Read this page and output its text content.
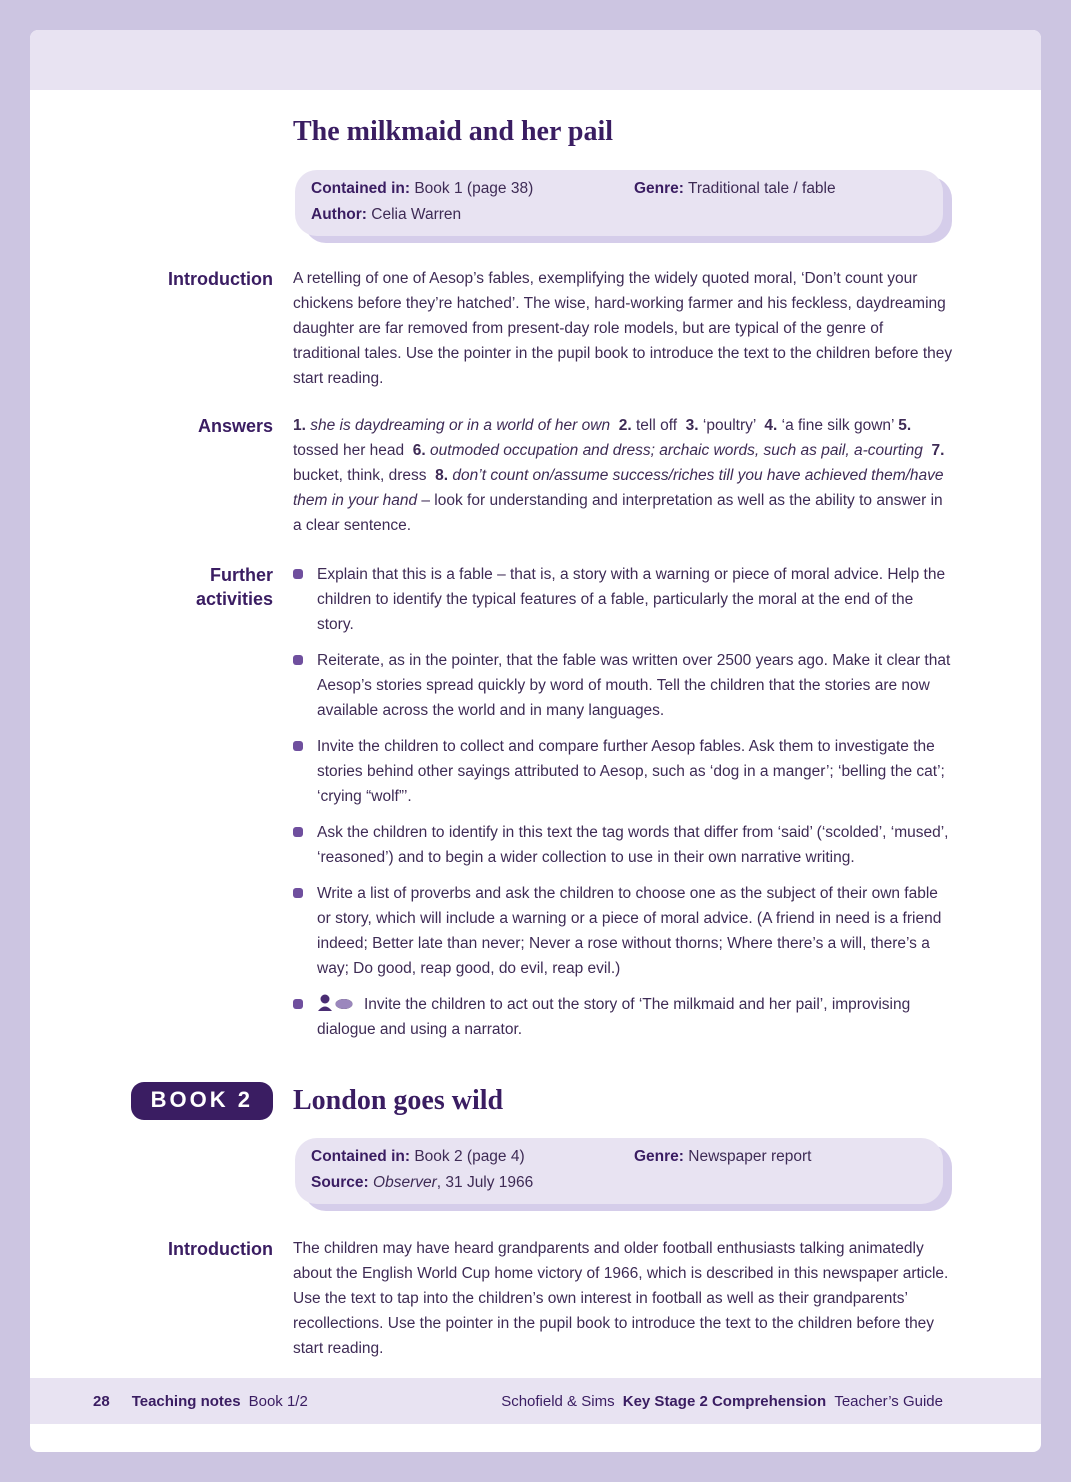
The milkmaid and her pail
Contained in: Book 1 (page 38)
Author: Celia Warren
Genre: Traditional tale / fable
Introduction A retelling of one of Aesop’s fables, exemplifying the widely quoted moral, ‘Don’t count your chickens before they’re hatched’. The wise, hard-working farmer and his feckless, daydreaming daughter are far removed from present-day role models, but are typical of the genre of traditional tales. Use the pointer in the pupil book to introduce the text to the children before they start reading.

Answers 1. she is daydreaming or in a world of her own 2. tell off 3. ‘poultry’ 4. ‘a fine silk gown’ 5. tossed her head 6. outmoded occupation and dress; archaic words, such as pail, a-courting 7. bucket, think, dress 8. don’t count on/assume success/riches till you have achieved them/have them in your hand – look for understanding and interpretation as well as the ability to answer in a clear sentence.

Further
activities
Explain that this is a fable – that is, a story with a warning or piece of moral advice. Help the children to identify the typical features of a fable, particularly the moral at the end of the story.
Reiterate, as in the pointer, that the fable was written over 2500 years ago. Make it clear that Aesop’s stories spread quickly by word of mouth. Tell the children that the stories are now available across the world and in many languages.
Invite the children to collect and compare further Aesop fables. Ask them to investigate the stories behind other sayings attributed to Aesop, such as ‘dog in a manger’; ‘belling the cat’; ‘crying “wolf”’.
Ask the children to identify in this text the tag words that differ from ‘said’ (‘scolded’, ‘mused’, ‘reasoned’) and to begin a wider collection to use in their own narrative writing.
Write a list of proverbs and ask the children to choose one as the subject of their own fable or story, which will include a warning or a piece of moral advice. (A friend in need is a friend indeed; Better late than never; Never a rose without thorns; Where there’s a will, there’s a way; Do good, reap good, do evil, reap evil.)
Invite the children to act out the story of ‘The milkmaid and her pail’, improvising dialogue and using a narrator.
BOOK 2	London goes wild
Contained in: Book 2 (page 4)
Source: Observer, 31 July 1966
Genre: Newspaper report
Introduction The children may have heard grandparents and older football enthusiasts talking animatedly about the English World Cup home victory of 1966, which is described in this newspaper article. Use the text to tap into the children’s own interest in football as well as their grandparents’ recollections. Use the pointer in the pupil book to introduce the text to the children before they start reading.

28 Teaching notes Book 1/2	Schofield & Sims Key Stage 2 Comprehension Teacher’s Guide
